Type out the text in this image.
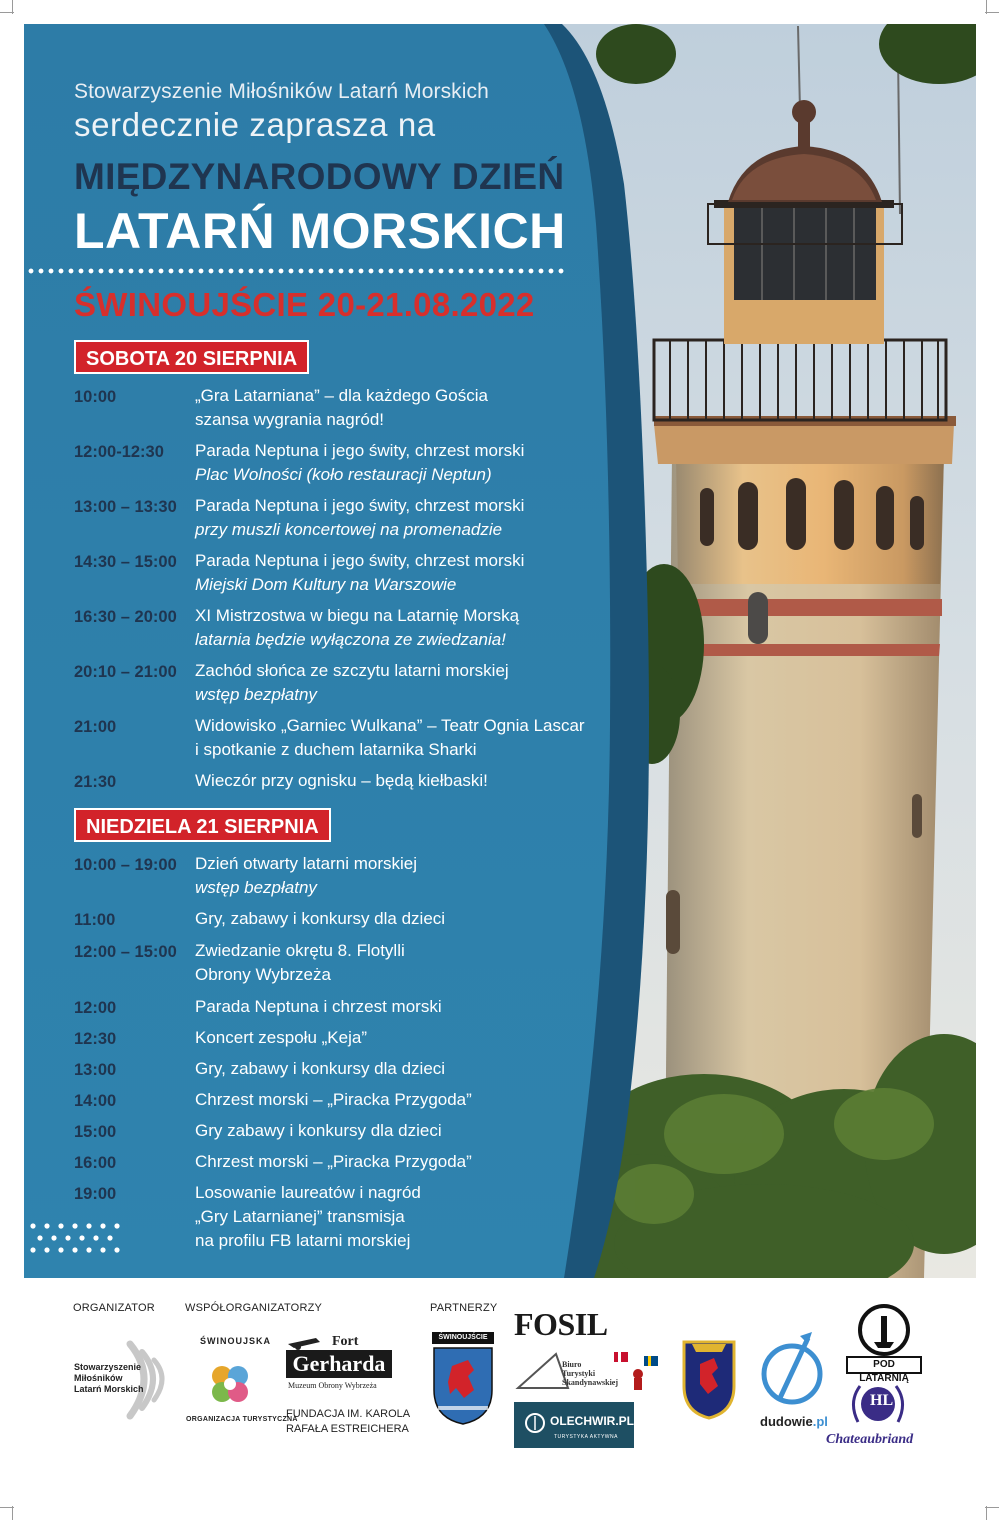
Stowarzyszenie Miłośników Latarń Morskich
serdecznie zaprasza na
MIĘDZYNARODOWY DZIEŃ
LATARŃ MORSKICH
ŚWINOUJŚCIE 20-21.08.2022
SOBOTA 20 SIERPNIA
10:00	„Gra Latarniana” – dla każdego Gościa
szansa wygrania nagród!
12:00-12:30	Parada Neptuna i jego świty, chrzest morski
Plac Wolności (koło restauracji Neptun)
13:00 – 13:30	Parada Neptuna i jego świty, chrzest morski
przy muszli koncertowej na promenadzie
14:30 – 15:00	Parada Neptuna i jego świty, chrzest morski
Miejski Dom Kultury na Warszowie
16:30 – 20:00	XI Mistrzostwa w biegu na Latarnię Morską
latarnia będzie wyłączona ze zwiedzania!
20:10 – 21:00	Zachód słońca ze szczytu latarni morskiej
wstęp bezpłatny
21:00	Widowisko „Garniec Wulkana” – Teatr Ognia Lascar
i spotkanie z duchem latarnika Sharki
21:30	Wieczór przy ognisku – będą kiełbaski!
NIEDZIELA 21 SIERPNIA
10:00 – 19:00	Dzień otwarty latarni morskiej
wstęp bezpłatny
11:00	Gry, zabawy i konkursy dla dzieci
12:00 – 15:00	Zwiedzanie okrętu 8. Flotylli
Obrony Wybrzeża
12:00	Parada Neptuna i chrzest morski
12:30	Koncert zespołu „Keja”
13:00	Gry, zabawy i konkursy dla dzieci
14:00	Chrzest morski – „Piracka Przygoda”
15:00	Gry zabawy i konkursy dla dzieci
16:00	Chrzest morski – „Piracka Przygoda”
19:00	Losowanie laureatów i nagród
„Gry Latarnianej” transmisja
na profilu FB latarni morskiej
ORGANIZATOR	WSPÓŁORGANIZATORZY	PARTNERZY
Stowarzyszenie
Miłośników
Latarń Morskich
ŚWINOUJSKA
ORGANIZACJA TURYSTYCZNA
Fort
Gerharda
Muzeum Obrony Wybrzeża
FUNDACJA IM. KAROLA
RAFAŁA ESTREICHERA
ŚWINOUJŚCIE FOSIL
Biuro
Turystyki
Skandynawskiej
OLECHWIR.PL
TURYSTYKA AKTYWNA
dudowie.pl
POD LATARNIĄ
HL
Chateaubriand
